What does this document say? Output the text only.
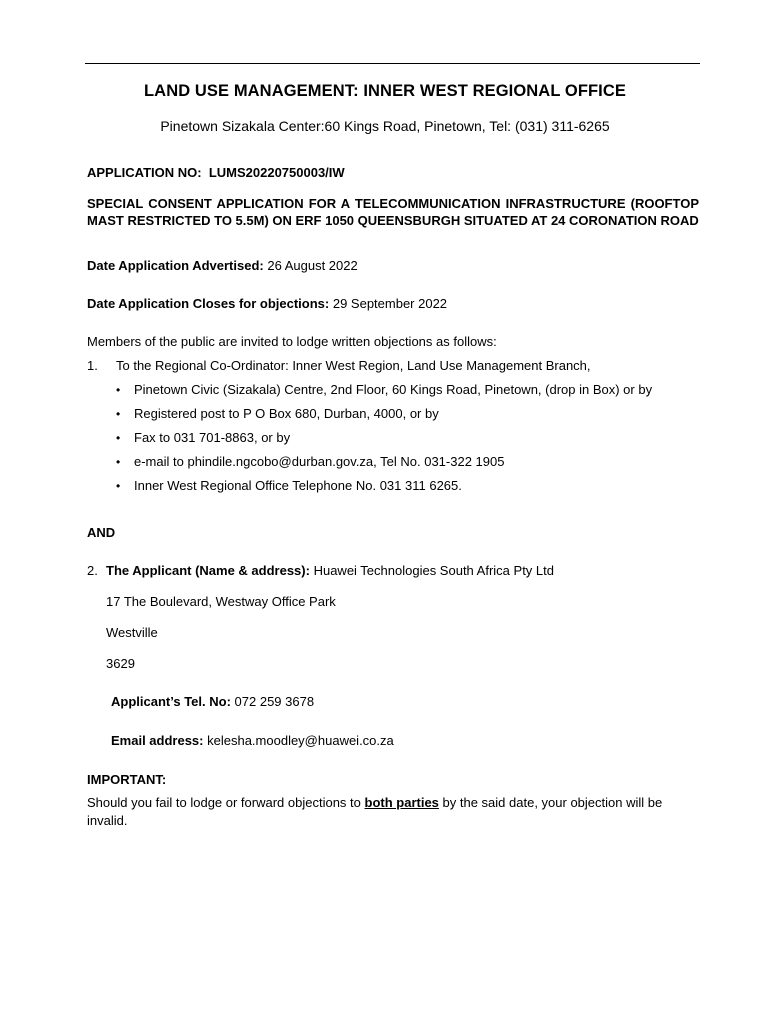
LAND USE MANAGEMENT: INNER WEST REGIONAL OFFICE
Pinetown Sizakala Center:60 Kings Road, Pinetown, Tel: (031) 311-6265
APPLICATION NO: LUMS20220750003/IW
SPECIAL CONSENT APPLICATION FOR A TELECOMMUNICATION INFRASTRUCTURE (ROOFTOP MAST RESTRICTED TO 5.5M) ON ERF 1050 QUEENSBURGH SITUATED AT 24 CORONATION ROAD
Date Application Advertised: 26 August 2022
Date Application Closes for objections: 29 September 2022
Members of the public are invited to lodge written objections as follows:
1. To the Regional Co-Ordinator: Inner West Region, Land Use Management Branch,
• Pinetown Civic (Sizakala) Centre, 2nd Floor, 60 Kings Road, Pinetown, (drop in Box) or by
• Registered post to P O Box 680, Durban, 4000, or by
• Fax to 031 701-8863, or by
• e-mail to phindile.ngcobo@durban.gov.za, Tel No. 031-322 1905
• Inner West Regional Office Telephone No. 031 311 6265.
AND
2. The Applicant (Name & address): Huawei Technologies South Africa Pty Ltd
17 The Boulevard, Westway Office Park
Westville
3629
Applicant’s Tel. No: 072 259 3678
Email address: kelesha.moodley@huawei.co.za
IMPORTANT:
Should you fail to lodge or forward objections to both parties by the said date, your objection will be invalid.
